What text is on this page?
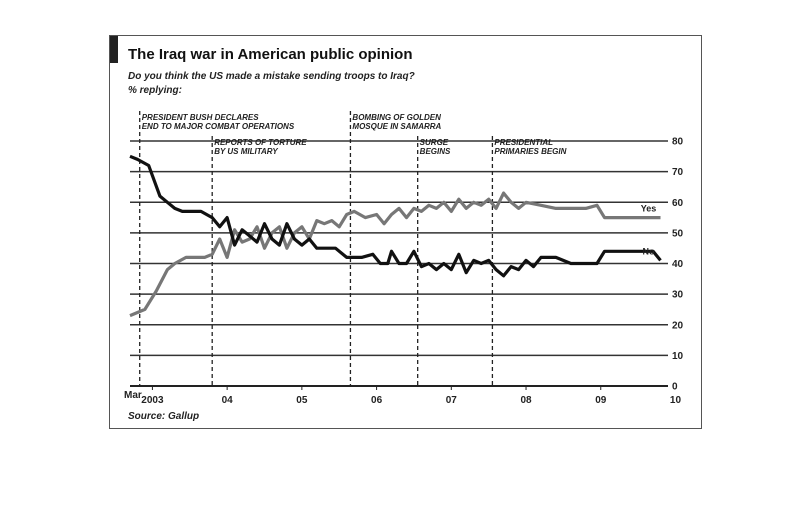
The Iraq war in American public opinion
Do you think the US made a mistake sending troops to Iraq?
% replying:
Source: Gallup
0
10
20
30
40
50
60
70
80
2003	04	05	06	07	08	09	10
Mar
PRESIDENT BUSH DECLARES
END TO MAJOR COMBAT OPERATIONS
REPORTS OF TORTURE
BY US MILITARY
BOMBING OF GOLDEN
MOSQUE IN SAMARRA
SURGE
BEGINS
PRESIDENTIAL
PRIMARIES BEGIN
Yes
No
